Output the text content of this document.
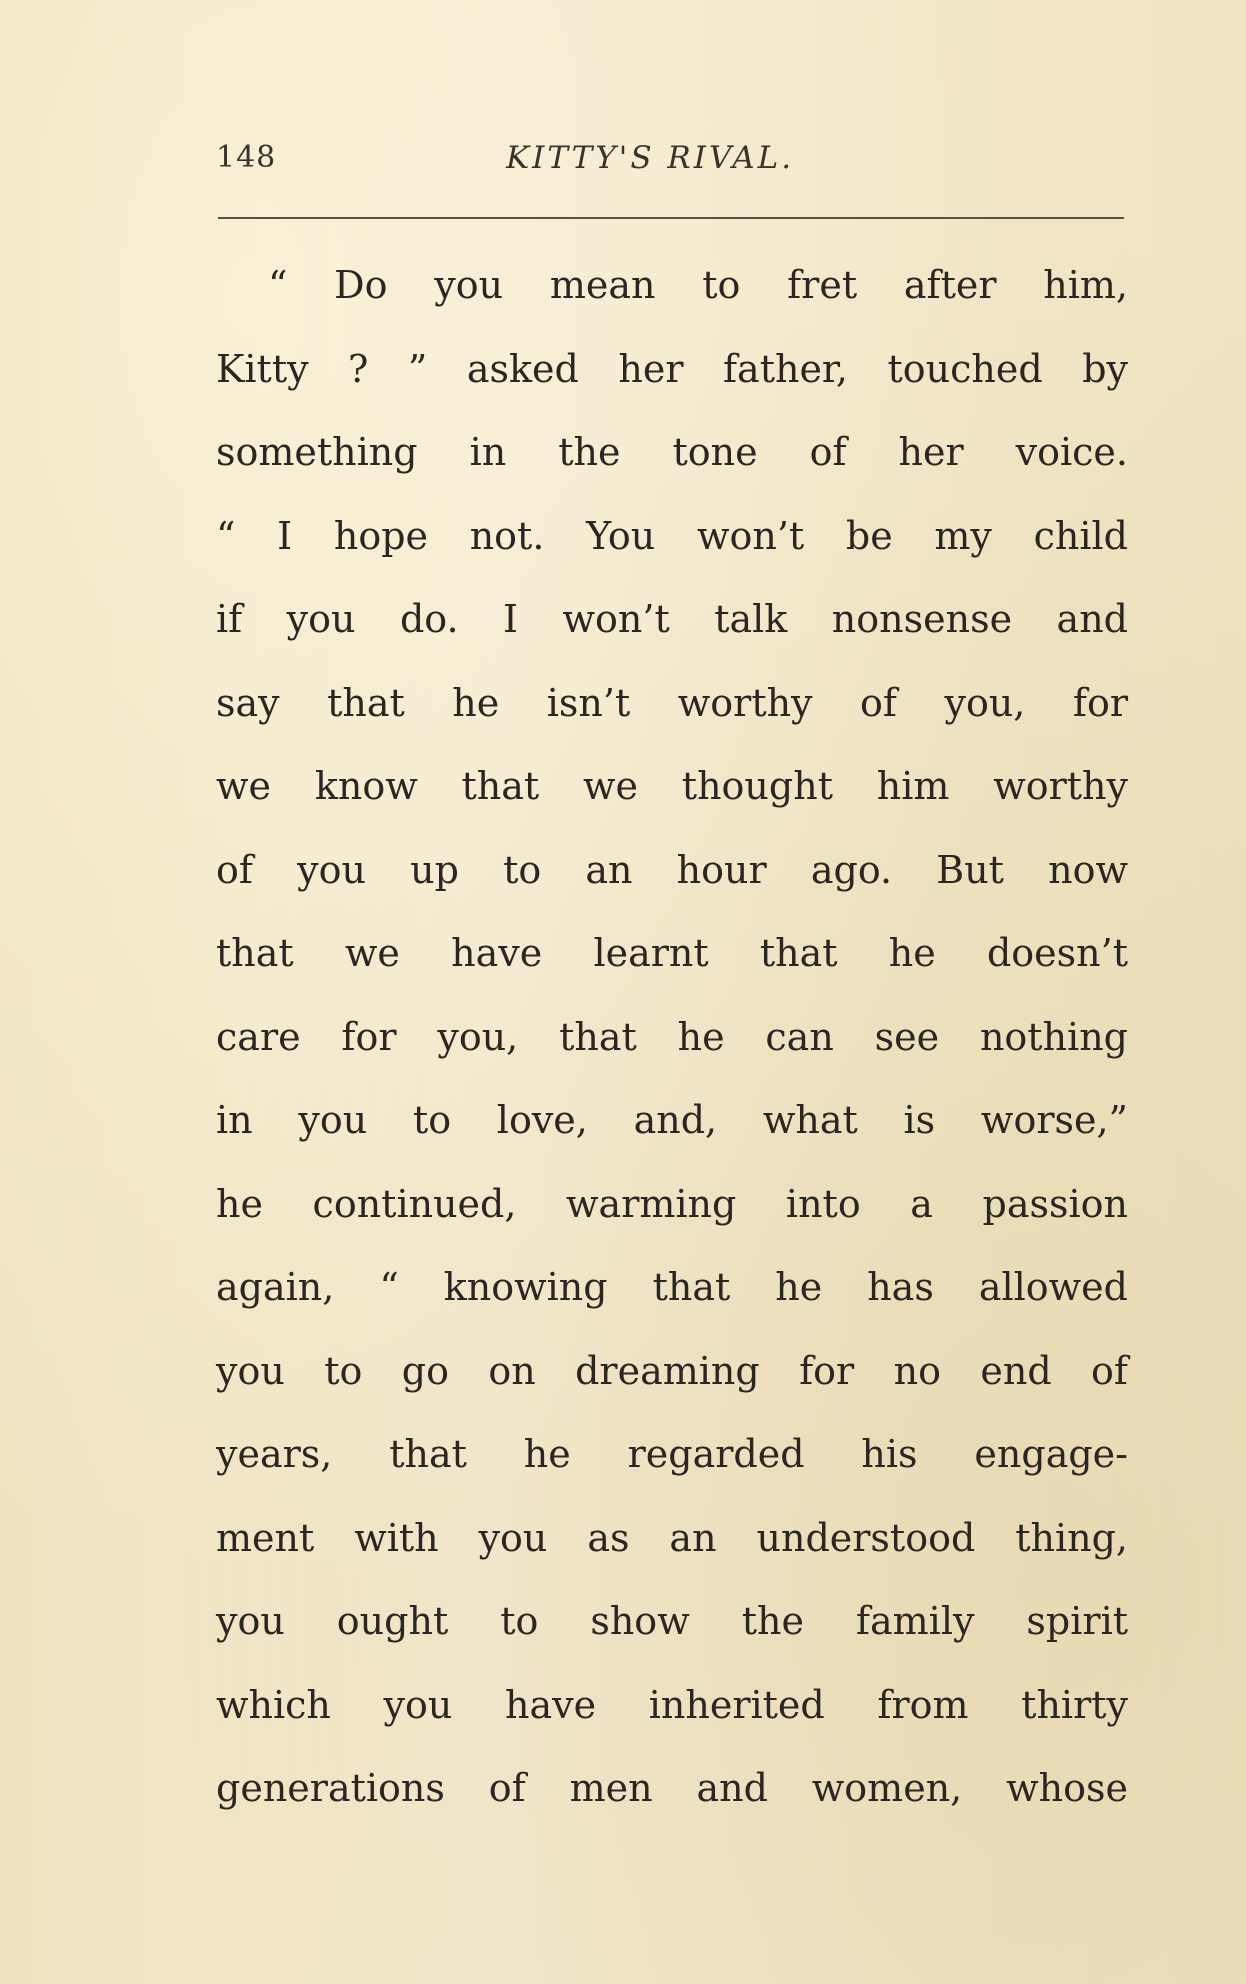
148	KITTY'S RIVAL.
“ Do you mean to fret after him,
Kitty ? ” asked her father, touched by
something in the tone of her voice.
“ I hope not. You won’t be my child
if you do. I won’t talk nonsense and
say that he isn’t worthy of you, for
we know that we thought him worthy
of you up to an hour ago. But now
that we have learnt that he doesn’t
care for you, that he can see nothing
in you to love, and, what is worse,”
he continued, warming into a passion
again, “ knowing that he has allowed
you to go on dreaming for no end of
years, that he regarded his engage-
ment with you as an understood thing,
you ought to show the family spirit
which you have inherited from thirty
generations of men and women, whose
